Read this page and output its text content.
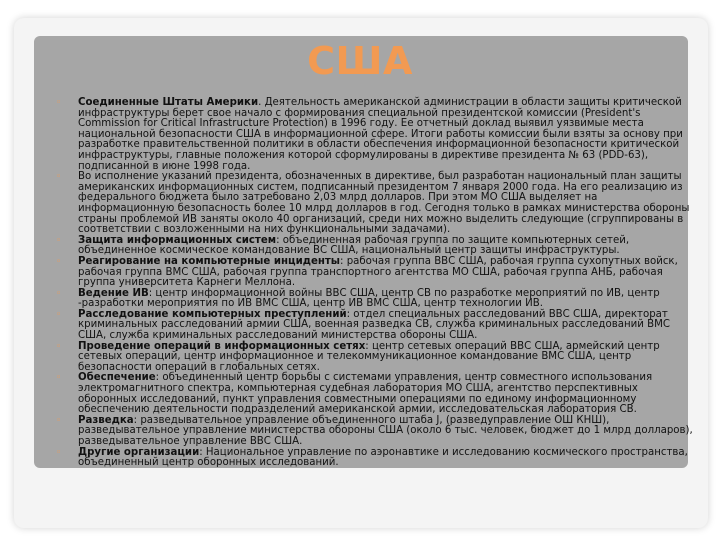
США

◦ Соединенные Штаты Америки. Деятельность американской администрации в области защиты критической инфраструктуры берет свое начало с формирования специальной президентской комиссии (President's Commission for Critical Infrastructure Protection) в 1996 году. Ее отчетный доклад выявил уязвимые места национальной безопасности США в информационной сфере. Итоги работы комиссии были взяты за основу при разработке правительственной политики в области обеспечения информационной безопасности критической инфраструктуры, главные положения которой сформулированы в директиве президента № 63 (PDD-63), подписанной в июне 1998 года.

◦ Во исполнение указаний президента, обозначенных в директиве, был разработан национальный план защиты американских информационных систем, подписанный президентом 7 января 2000 года. На его реализацию из федерального бюджета было затребовано 2,03 млрд долларов. При этом МО США выделяет на информационную безопасность более 10 млрд долларов в год. Сегодня только в рамках министерства обороны страны проблемой ИВ заняты около 40 организаций, среди них можно выделить следующие (сгруппированы в соответствии с возложенными на них функциональными задачами).

◦ Защита информационных систем: объединенная рабочая группа по защите компьютерных сетей, объединенное космическое командование ВС США, национальный центр защиты инфраструктуры.

◦ Реагирование на компьютерные инциденты: рабочая группа ВВС США, рабочая группа сухопутных войск, рабочая группа ВМС США, рабочая группа транспортного агентства МО США, рабочая группа АНБ, рабочая группа университета Карнеги Меллона.

◦ Ведение ИВ: центр информационной войны ВВС США, центр СВ по разработке мероприятий по ИВ, центр -разработки мероприятия по ИВ ВМС США, центр ИВ ВМС США, центр технологии ИВ.

◦ Расследование компьютерных преступлений: отдел специальных расследований ВВС США, директорат криминальных расследований армии США, военная разведка СВ, служба криминальных расследований ВМС США, служба криминальных расследований министерства обороны США.

◦ Проведение операций в информационных сетях: центр сетевых операций ВВС США, армейский центр сетевых операций, центр информационное и телекоммуникационное командование ВМС США, центр безопасности операций в глобальных сетях.

◦ Обеспечение: объединенный центр борьбы с системами управления, центр совместного использования электромагнитного спектра, компьютерная судебная лаборатория МО США, агентство перспективных оборонных исследований, пункт управления совместными операциями по единому информационному обеспечению деятельности подразделений американской армии, исследовательская лаборатория СВ.

◦ Разведка: разведывательное управление объединенного штаба J, (разведуправление ОШ КНШ), разведывательное управление министерства обороны США (около 6 тыс. человек, бюджет до 1 млрд долларов), разведывательное управление ВВС США.

◦ Другие организации: Национальное управление по аэронавтике и исследованию космического пространства, объединенный центр оборонных исследований.
